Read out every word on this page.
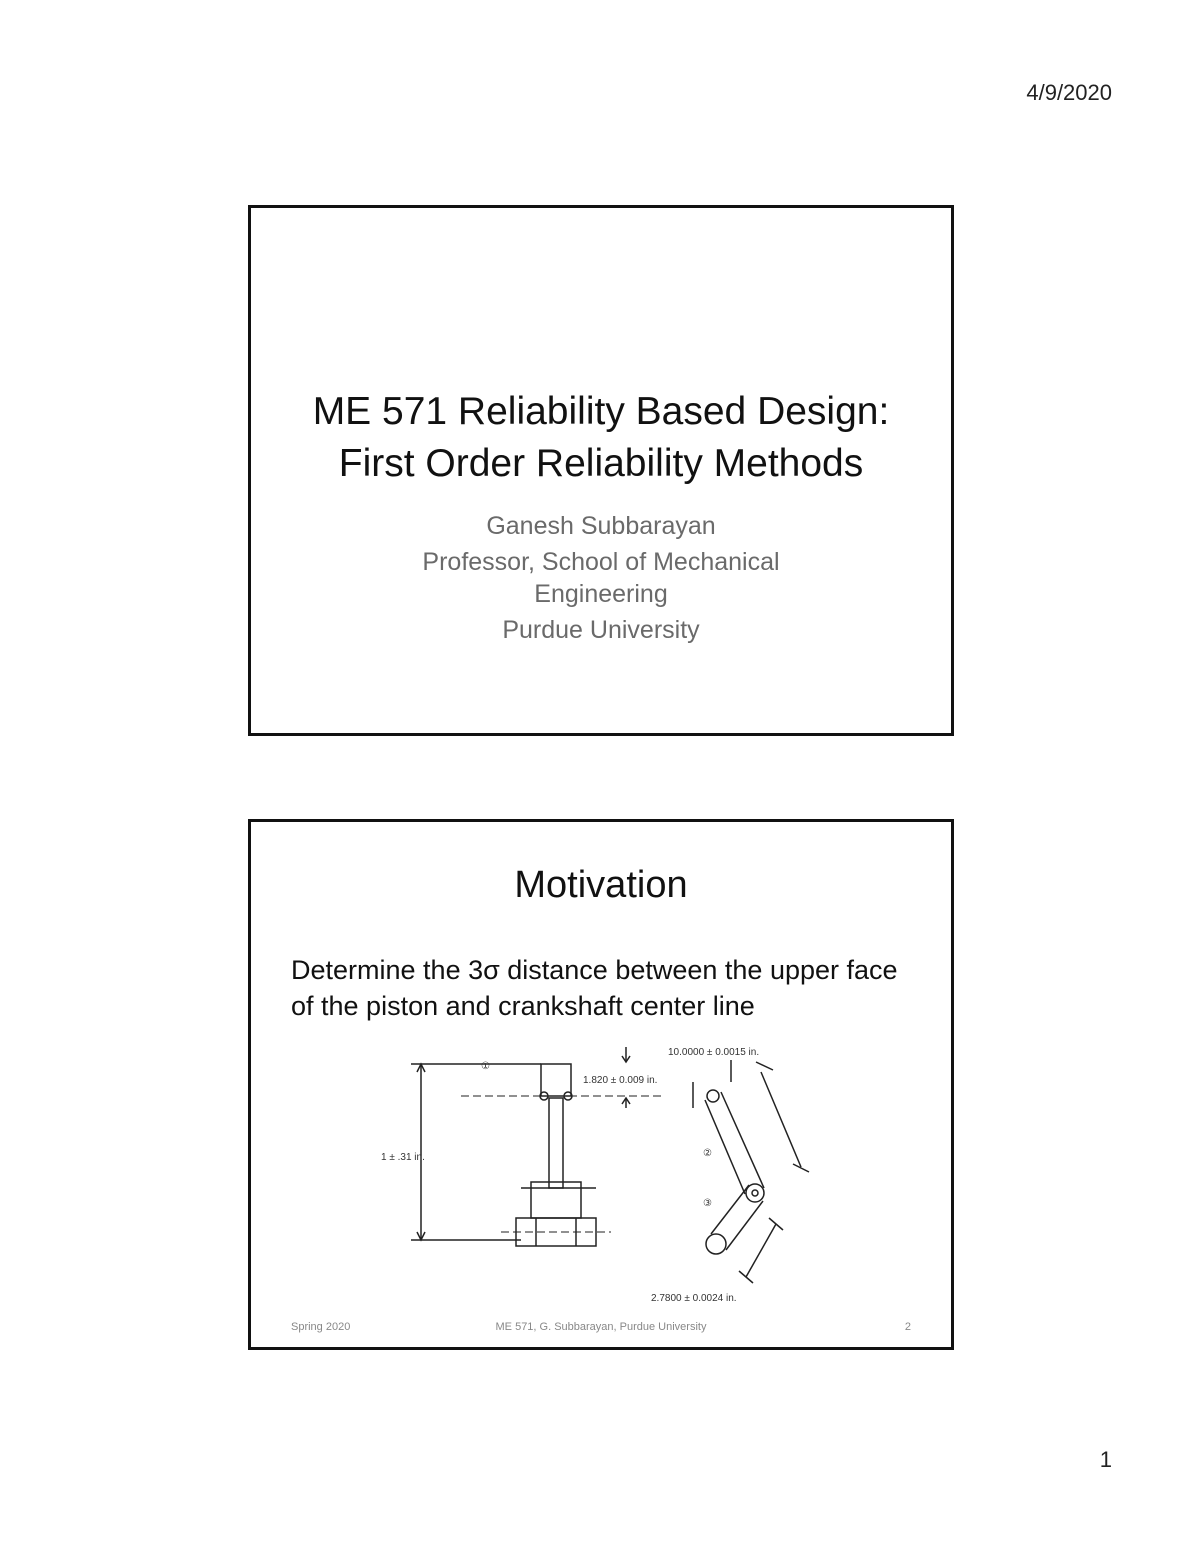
4/9/2020
ME 571 Reliability Based Design:
First Order Reliability Methods
Ganesh Subbarayan
Professor, School of Mechanical Engineering
Purdue University
Motivation
Determine the 3σ distance between the upper face of the piston and crankshaft center line
①
②
③
10.0000 ± 0.0015 in.
1.820 ± 0.009 in.
1 ± .31 in.
2.7800 ± 0.0024 in.
Spring 2020	ME 571, G. Subbarayan, Purdue University	2
1
